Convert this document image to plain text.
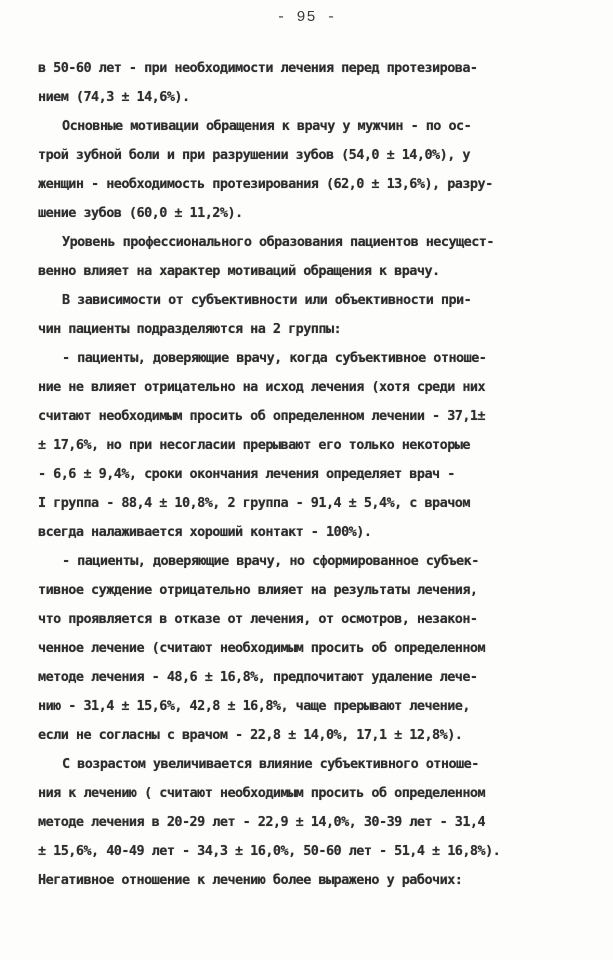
- 95 -
в 50-60 лет - при необходимости лечения перед протезирова-
нием (74,3 ± 14,6%).
Основные мотивации обращения к врачу у мужчин - по ос-
трой зубной боли и при разрушении зубов (54,0 ± 14,0%), у
женщин - необходимость протезирования (62,0 ± 13,6%), разру-
шение зубов (60,0 ± 11,2%).
Уровень профессионального образования пациентов несущест-
венно влияет на характер мотиваций обращения к врачу.
В зависимости от субъективности или объективности при-
чин пациенты подразделяются на 2 группы:
- пациенты, доверяющие врачу, когда субъективное отноше-
ние не влияет отрицательно на исход лечения (хотя среди них
считают необходимым просить об определенном лечении - 37,1±
± 17,6%, но при несогласии прерывают его только некоторые
- 6,6 ± 9,4%, сроки окончания лечения определяет врач -
I группа - 88,4 ± 10,8%, 2 группа - 91,4 ± 5,4%, с врачом
всегда налаживается хороший контакт - 100%).
- пациенты, доверяющие врачу, но сформированное субъек-
тивное суждение отрицательно влияет на результаты лечения,
что проявляется в отказе от лечения, от осмотров, незакон-
ченное лечение (считают необходимым просить об определенном
методе лечения - 48,6 ± 16,8%, предпочитают удаление лече-
нию - 31,4 ± 15,6%, 42,8 ± 16,8%, чаще прерывают лечение,
если не согласны с врачом - 22,8 ± 14,0%, 17,1 ± 12,8%).
С возрастом увеличивается влияние субъективного отноше-
ния к лечению ( считают необходимым просить об определенном
методе лечения в 20-29 лет - 22,9 ± 14,0%, 30-39 лет - 31,4
± 15,6%, 40-49 лет - 34,3 ± 16,0%, 50-60 лет - 51,4 ± 16,8%).
Негативное отношение к лечению более выражено у рабочих:
